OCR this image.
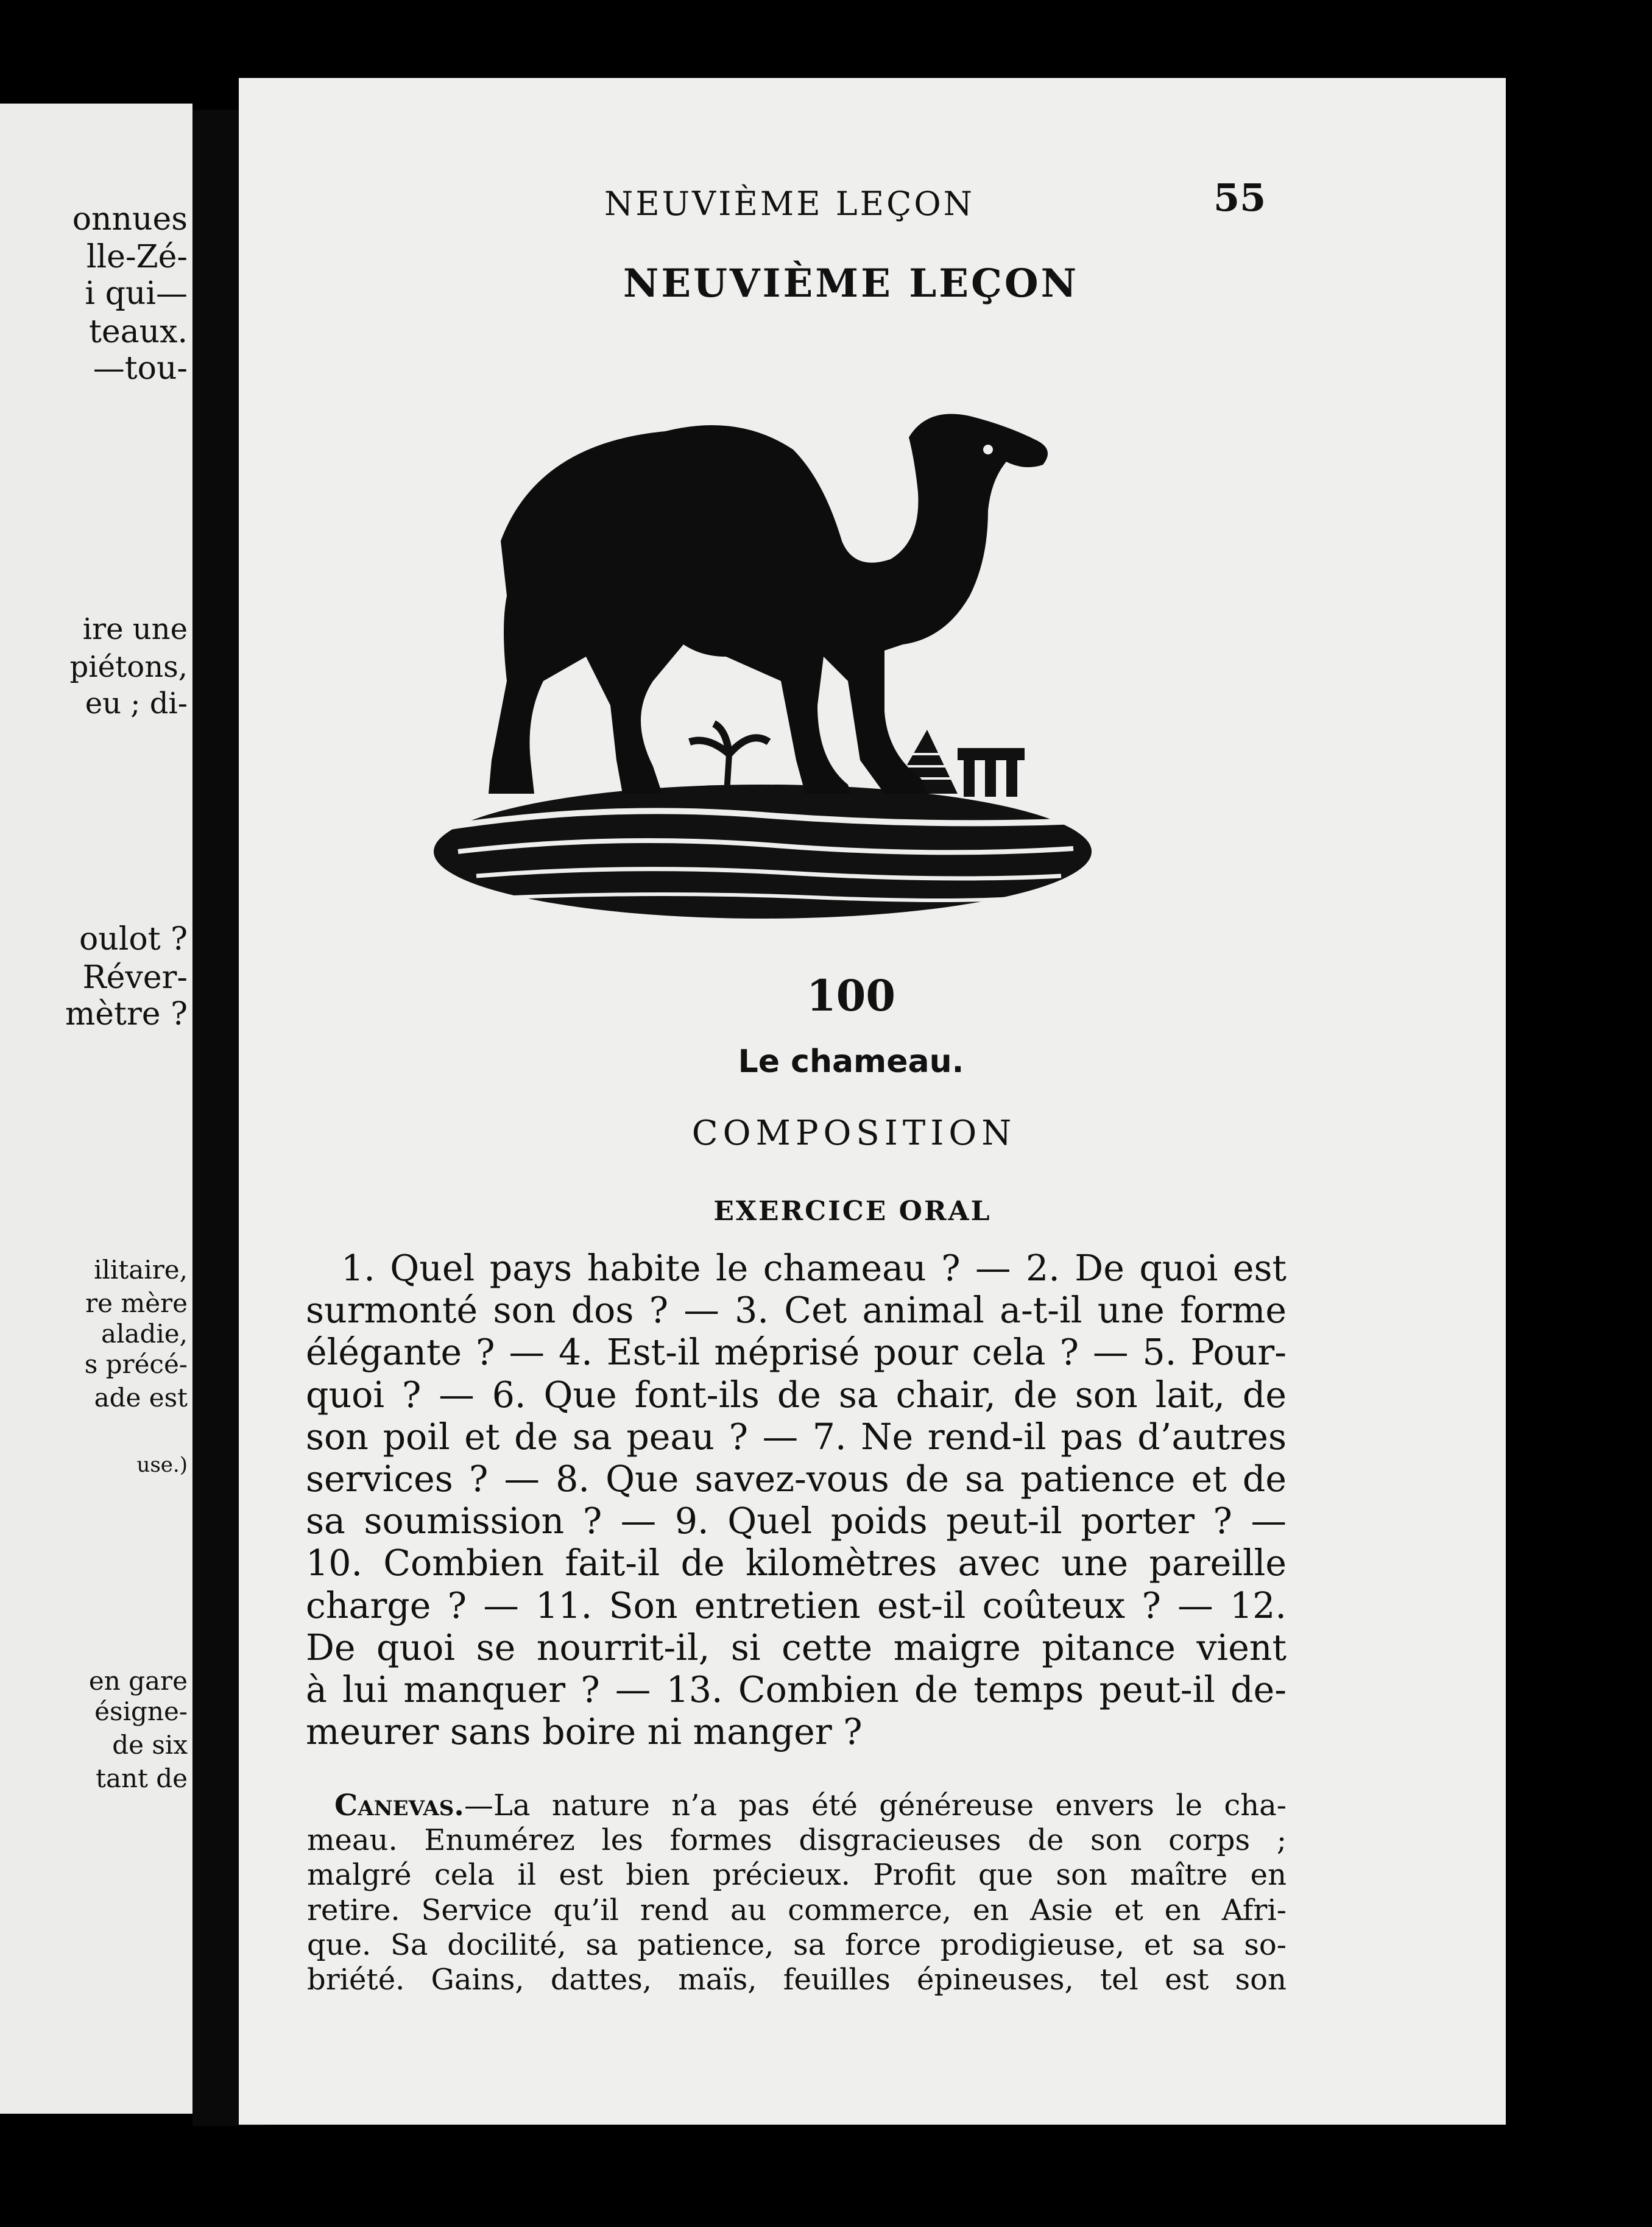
onnues
lle-Zé-
i qui—
teaux.
—tou-
ire une
piétons,
eu ; di-
oulot ?
Réver-
mètre ?
ilitaire,
re mère
aladie,
s précé-
ade est
use.)
en gare
ésigne-
de six
tant de
NEUVIÈME LEÇON	55
NEUVIÈME LEÇON
100
Le chameau.
COMPOSITION
EXERCICE ORAL
1. Quel pays habite le chameau ? — 2. De quoi est
surmonté son dos ? — 3. Cet animal a-t-il une forme
élégante ? — 4. Est-il méprisé pour cela ? — 5. Pour-
quoi ? — 6. Que font-ils de sa chair, de son lait, de
son poil et de sa peau ? — 7. Ne rend-il pas d’autres
services ? — 8. Que savez-vous de sa patience et de
sa soumission ? — 9. Quel poids peut-il porter ? —
10. Combien fait-il de kilomètres avec une pareille
charge ? — 11. Son entretien est-il coûteux ? — 12.
De quoi se nourrit-il, si cette maigre pitance vient
à lui manquer ? — 13. Combien de temps peut-il de-
meurer sans boire ni manger ?
Canevas.—La nature n’a pas été généreuse envers le cha-
meau. Enumérez les formes disgracieuses de son corps ;
malgré cela il est bien précieux. Profit que son maître en
retire. Service qu’il rend au commerce, en Asie et en Afri-
que. Sa docilité, sa patience, sa force prodigieuse, et sa so-
briété. Gains, dattes, maïs, feuilles épineuses, tel est son
